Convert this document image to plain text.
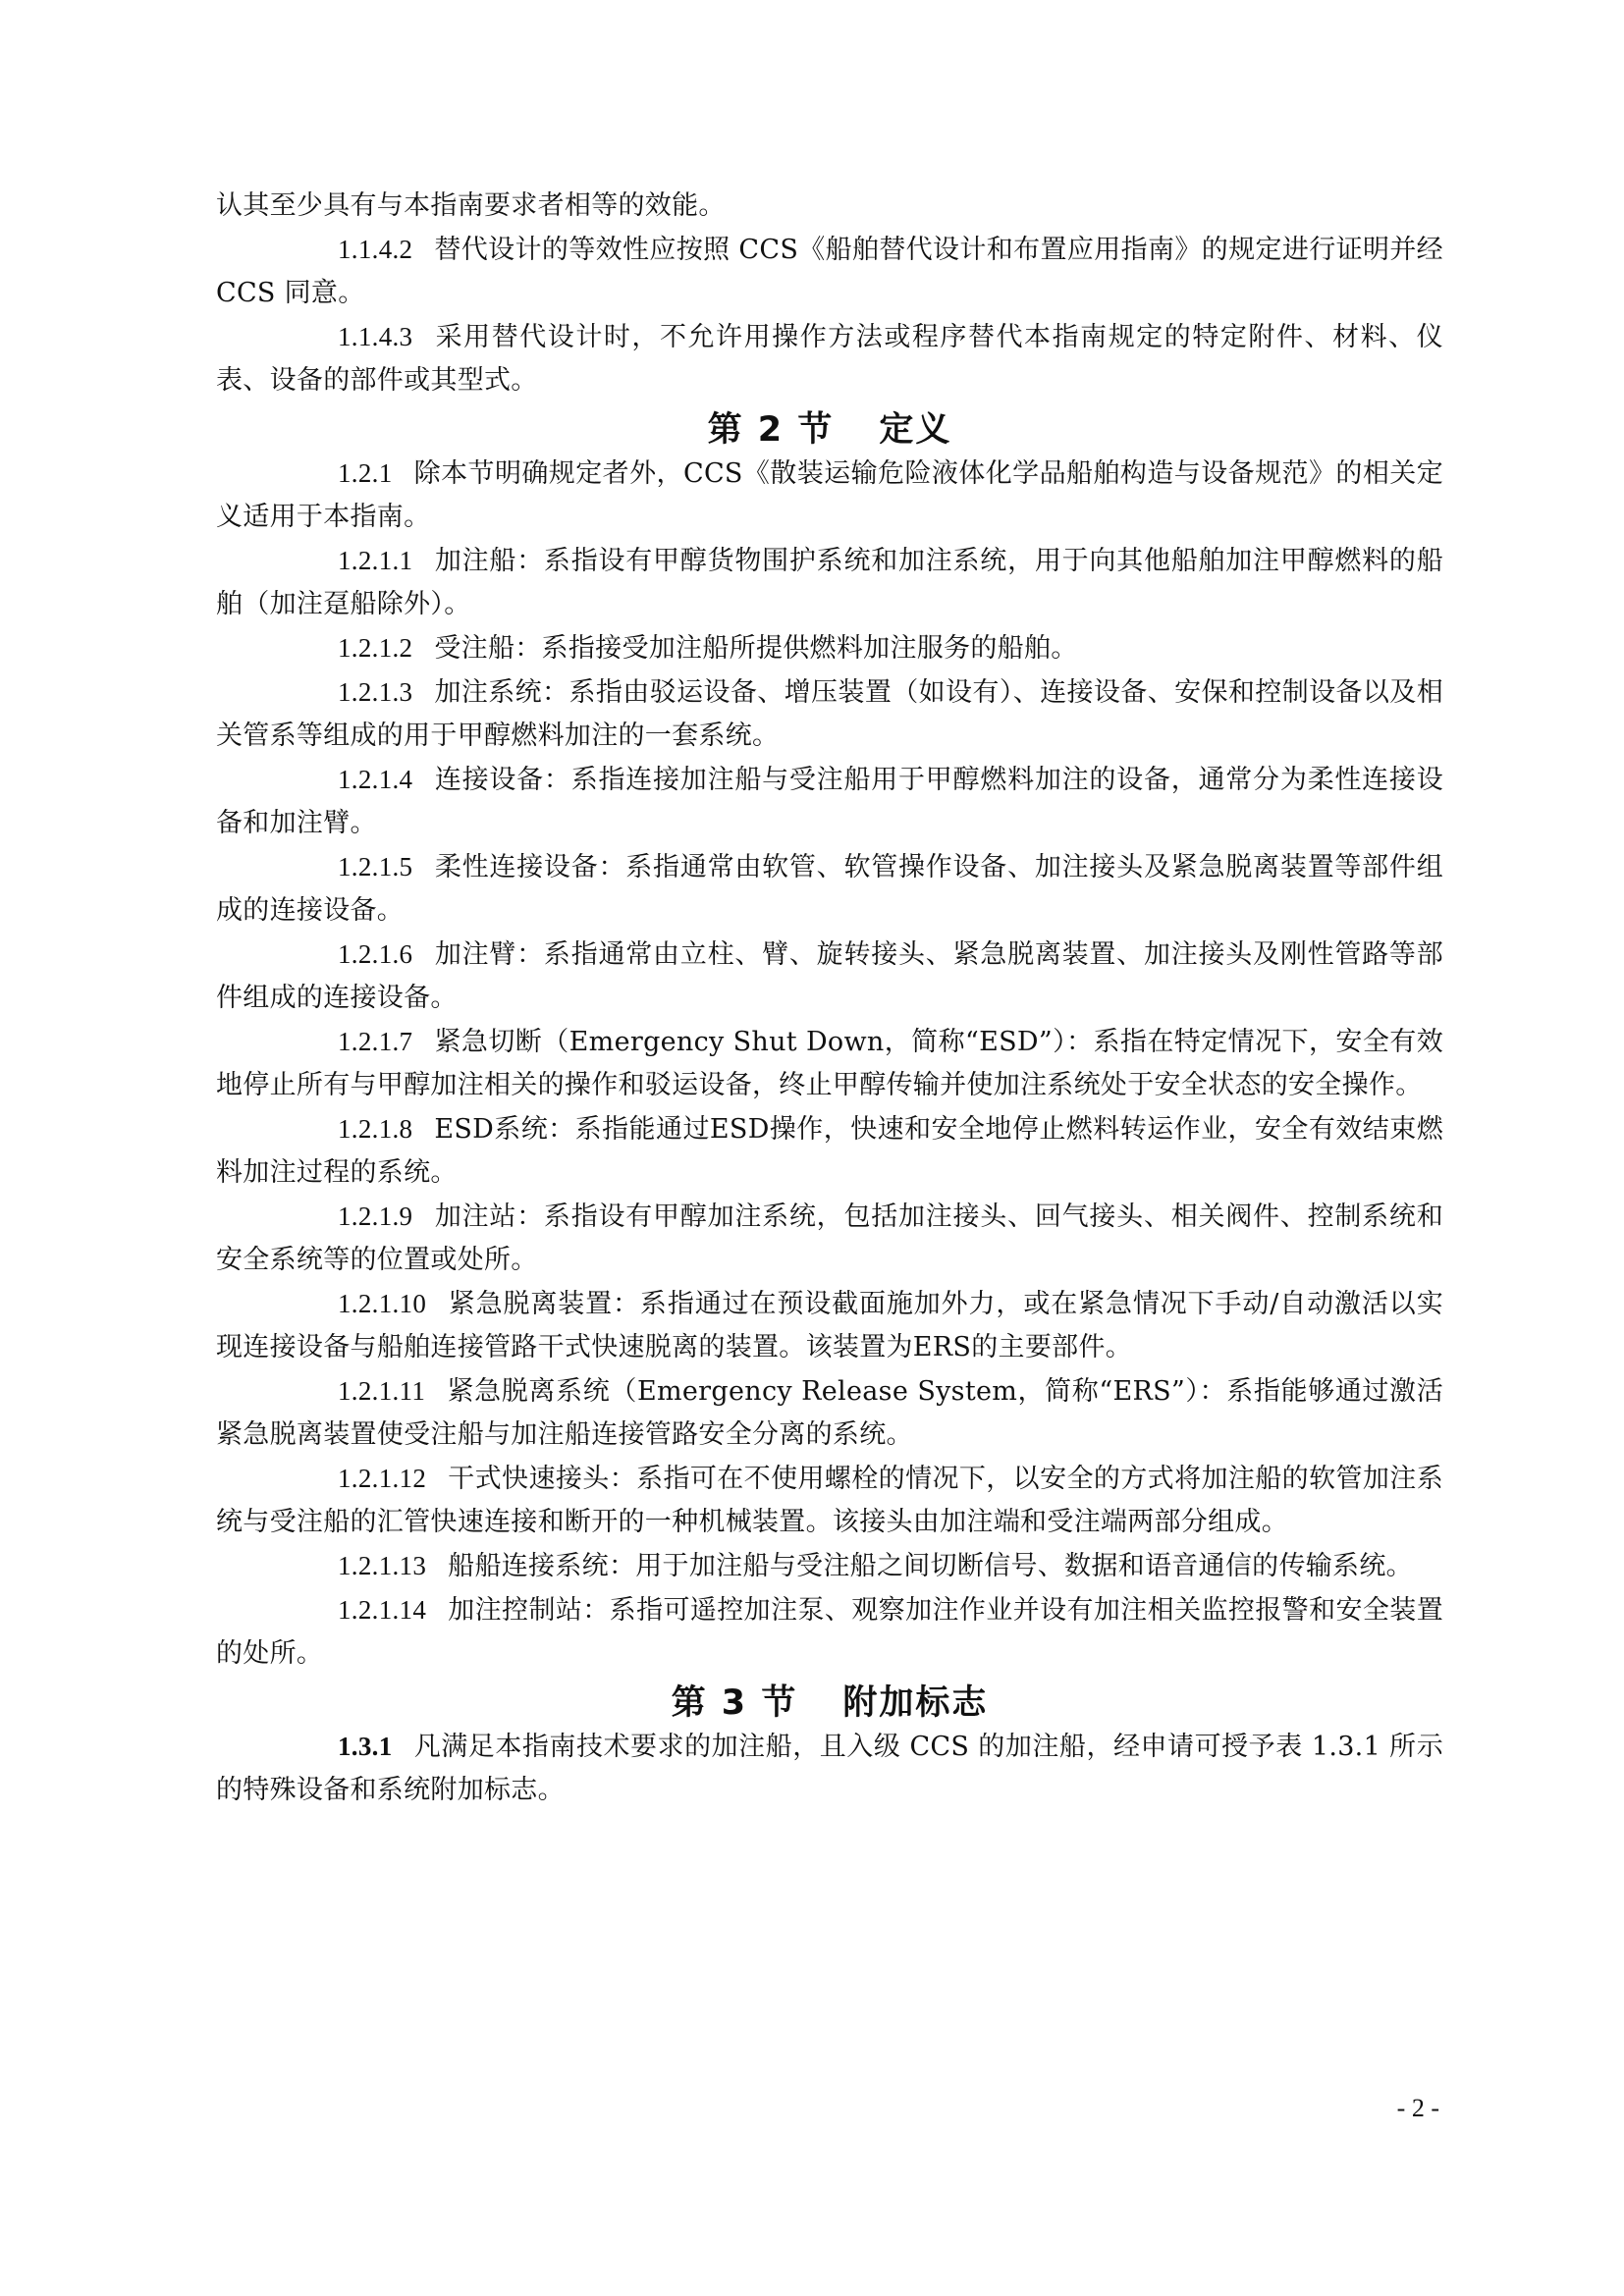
认其至少具有与本指南要求者相等的效能。

1.1.4.2 替代设计的等效性应按照 CCS《船舶替代设计和布置应用指南》的规定进行证明并经 CCS 同意。

1.1.4.3 采用替代设计时，不允许用操作方法或程序替代本指南规定的特定附件、材料、仪表、设备的部件或其型式。

第 2 节 定义

1.2.1 除本节明确规定者外，CCS《散装运输危险液体化学品船舶构造与设备规范》的相关定义适用于本指南。

1.2.1.1 加注船：系指设有甲醇货物围护系统和加注系统，用于向其他船舶加注甲醇燃料的船舶（加注趸船除外）。

1.2.1.2 受注船：系指接受加注船所提供燃料加注服务的船舶。

1.2.1.3 加注系统：系指由驳运设备、增压装置（如设有）、连接设备、安保和控制设备以及相关管系等组成的用于甲醇燃料加注的一套系统。

1.2.1.4 连接设备：系指连接加注船与受注船用于甲醇燃料加注的设备，通常分为柔性连接设备和加注臂。

1.2.1.5 柔性连接设备：系指通常由软管、软管操作设备、加注接头及紧急脱离装置等部件组成的连接设备。

1.2.1.6 加注臂：系指通常由立柱、臂、旋转接头、紧急脱离装置、加注接头及刚性管路等部件组成的连接设备。

1.2.1.7 紧急切断（Emergency Shut Down，简称“ESD”）：系指在特定情况下，安全有效地停止所有与甲醇加注相关的操作和驳运设备，终止甲醇传输并使加注系统处于安全状态的安全操作。

1.2.1.8 ESD系统：系指能通过ESD操作，快速和安全地停止燃料转运作业，安全有效结束燃料加注过程的系统。

1.2.1.9 加注站：系指设有甲醇加注系统，包括加注接头、回气接头、相关阀件、控制系统和安全系统等的位置或处所。

1.2.1.10 紧急脱离装置：系指通过在预设截面施加外力，或在紧急情况下手动/自动激活以实现连接设备与船舶连接管路干式快速脱离的装置。该装置为ERS的主要部件。

1.2.1.11 紧急脱离系统（Emergency Release System，简称“ERS”）：系指能够通过激活紧急脱离装置使受注船与加注船连接管路安全分离的系统。

1.2.1.12 干式快速接头：系指可在不使用螺栓的情况下，以安全的方式将加注船的软管加注系统与受注船的汇管快速连接和断开的一种机械装置。该接头由加注端和受注端两部分组成。

1.2.1.13 船船连接系统：用于加注船与受注船之间切断信号、数据和语音通信的传输系统。

1.2.1.14 加注控制站：系指可遥控加注泵、观察加注作业并设有加注相关监控报警和安全装置的处所。

第 3 节 附加标志

1.3.1 凡满足本指南技术要求的加注船，且入级 CCS 的加注船，经申请可授予表 1.3.1 所示的特殊设备和系统附加标志。

- 2 -
